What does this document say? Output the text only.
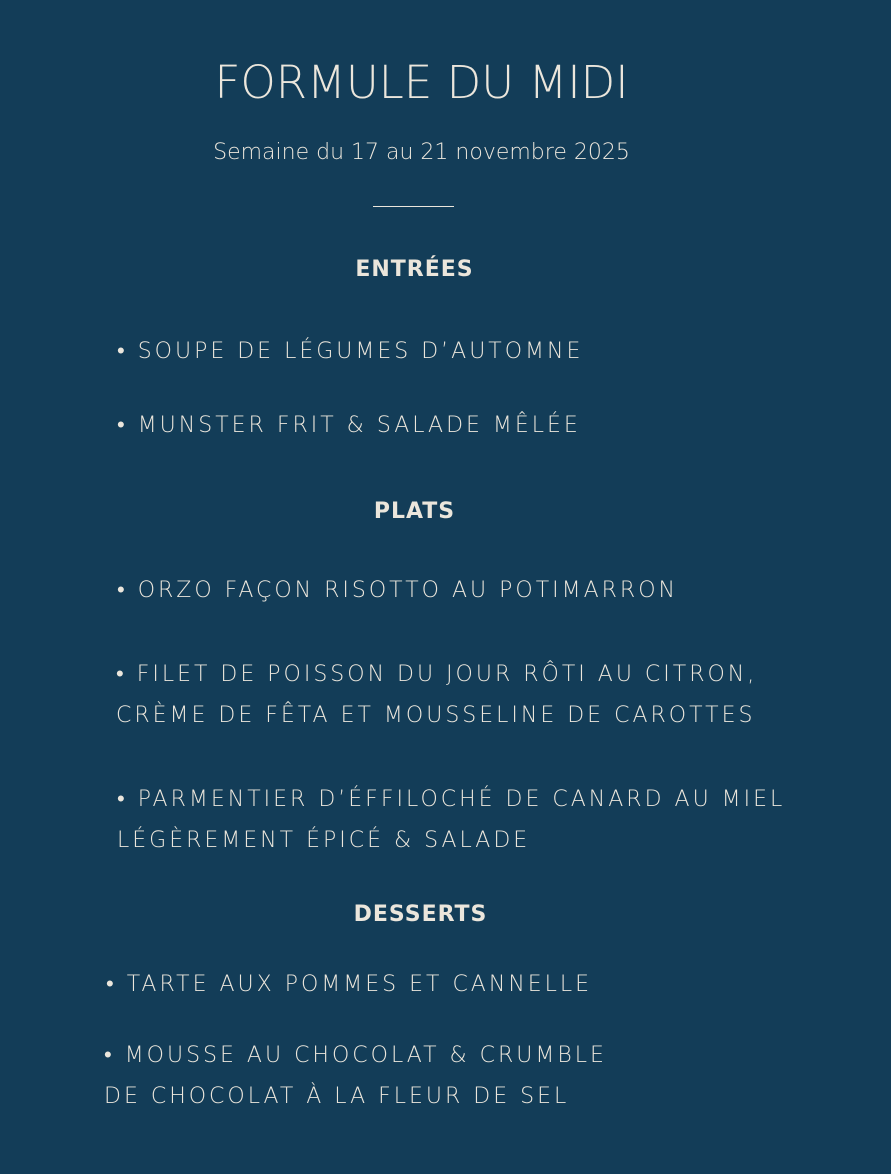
FORMULE DU MIDI

Semaine du 17 au 21 novembre 2025

ENTRÉES
• SOUPE DE LÉGUMES D’AUTOMNE
• MUNSTER FRIT & SALADE MÊLÉE
PLATS
• ORZO FAÇON RISOTTO AU POTIMARRON
• FILET DE POISSON DU JOUR RÔTI AU CITRON,
CRÈME DE FÊTA ET MOUSSELINE DE CAROTTES
• PARMENTIER D’ÉFFILOCHÉ DE CANARD AU MIEL
LÉGÈREMENT ÉPICÉ & SALADE
DESSERTS
• TARTE AUX POMMES ET CANNELLE
• MOUSSE AU CHOCOLAT & CRUMBLE
DE CHOCOLAT À LA FLEUR DE SEL
